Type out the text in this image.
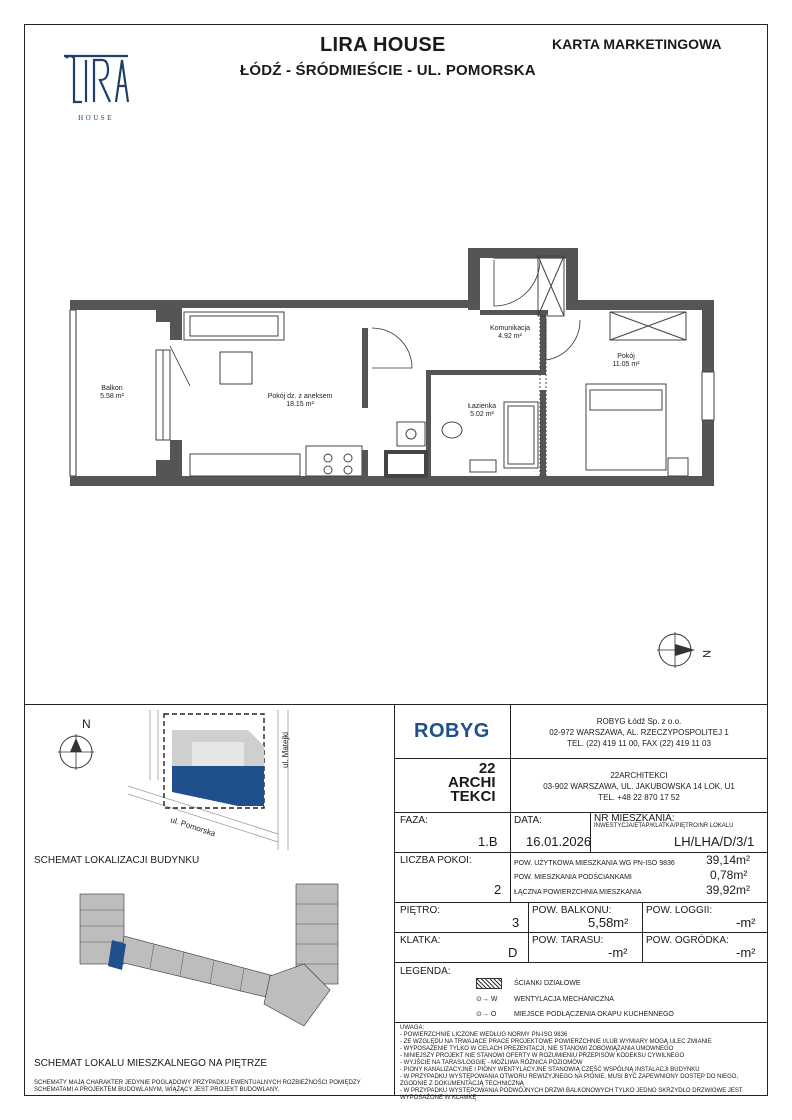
LIRA HOUSE
ŁÓDŹ - ŚRÓDMIEŚCIE - UL. POMORSKA
KARTA MARKETINGOWA
HOUSE
Balkon
5.58 m²	Pokój dz. z aneksem
18.15 m²
Komunikacja
4.92 m²
Łazienka
5.02 m²
Pokój
11.05 m²
N
N
ul. Matejki
ul. Pomorska
SCHEMAT LOKALIZACJI BUDYNKU
SCHEMAT LOKALU MIESZKALNEGO NA PIĘTRZE
SCHEMATY MAJĄ CHARAKTER JEDYNIE POGLĄDOWY PRZYPADKU EWENTUALNYCH ROZBIEŻNOŚCI POMIĘDZY SCHEMATAMI A PROJEKTEM BUDOWLANYM, WIĄŻĄCY JEST PROJEKT BUDOWLANY.
ROBYG	ROBYG Łódź Sp. z o.o.
02-972 WARSZAWA, AL. RZECZYPOSPOLITEJ 1
TEL. (22) 419 11 00, FAX (22) 419 11 03
22
ARCHI
TEKCI
22ARCHITEKCI
03-902 WARSZAWA, UL. JAKUBOWSKA 14 LOK. U1
TEL. +48 22 870 17 52
FAZA:
1.B
DATA:
16.01.2026
NR MIESZKANIA:
INWESTYCJA/ETAP/KLATKA/PIĘTRO/NR LOKALU
LH/LHA/D/3/1
LICZBA POKOI:
2
POW. UŻYTKOWA MIESZKANIA WG PN-ISO 9836	39,14m²
POW. MIESZKANIA PODŚCIANKAMI	0,78m²
ŁĄCZNA POWIERZCHNIA MIESZKANIA	39,92m²
PIĘTRO:
3
POW. BALKONU:
5,58m²
POW. LOGGII:
-m²
KLATKA:
D
POW. TARASU:
-m²
POW. OGRÓDKA:
-m²
LEGENDA:
ŚCIANKI DZIAŁOWE
⊙→ W WENTYLACJA MECHANICZNA
⊙→ O	MIEJSCE PODŁĄCZENIA OKAPU KUCHENNEGO
UWAGA:
- POWIERZCHNIE LICZONE WEDŁUG NORMY PN-ISO 9836
- ZE WZGLĘDU NA TRWAJĄCE PRACE PROJEKTOWE POWIERZCHNIE I/LUB WYMIARY MOGĄ ULEC ZMIANIE
- WYPOSAŻENIE TYLKO W CELACH PREZENTACJI, NIE STANOWI ZOBOWIĄZANIA UMOWNEGO
- NINIEJSZY PROJEKT NIE STANOWI OFERTY W ROZUMIENIU PRZEPISÓW KODEKSU CYWILNEGO
- WYJŚCIE NA TARAS/LOGGIĘ - MOŻLIWA RÓŻNICA POZIOMÓW
- PIONY KANALIZACYJNE I PIONY WENTYLACYJNE STANOWIĄ CZĘŚĆ WSPÓLNĄ INSTALACJI BUDYNKU
- W PRZYPADKU WYSTĘPOWANIA OTWORU REWIZYJNEGO NA PIONIE, MUSI BYĆ ZAPEWNIONY DOSTĘP DO NIEGO, ZGODNIE Z DOKUMENTACJĄ TECHNICZNĄ
- W PRZYPADKU WYSTĘPOWANIA PODWÓJNYCH DRZWI BALKONOWYCH TYLKO JEDNO SKRZYDŁO DRZWIOWE JEST WYPOSAŻONE W KLAMKĘ
